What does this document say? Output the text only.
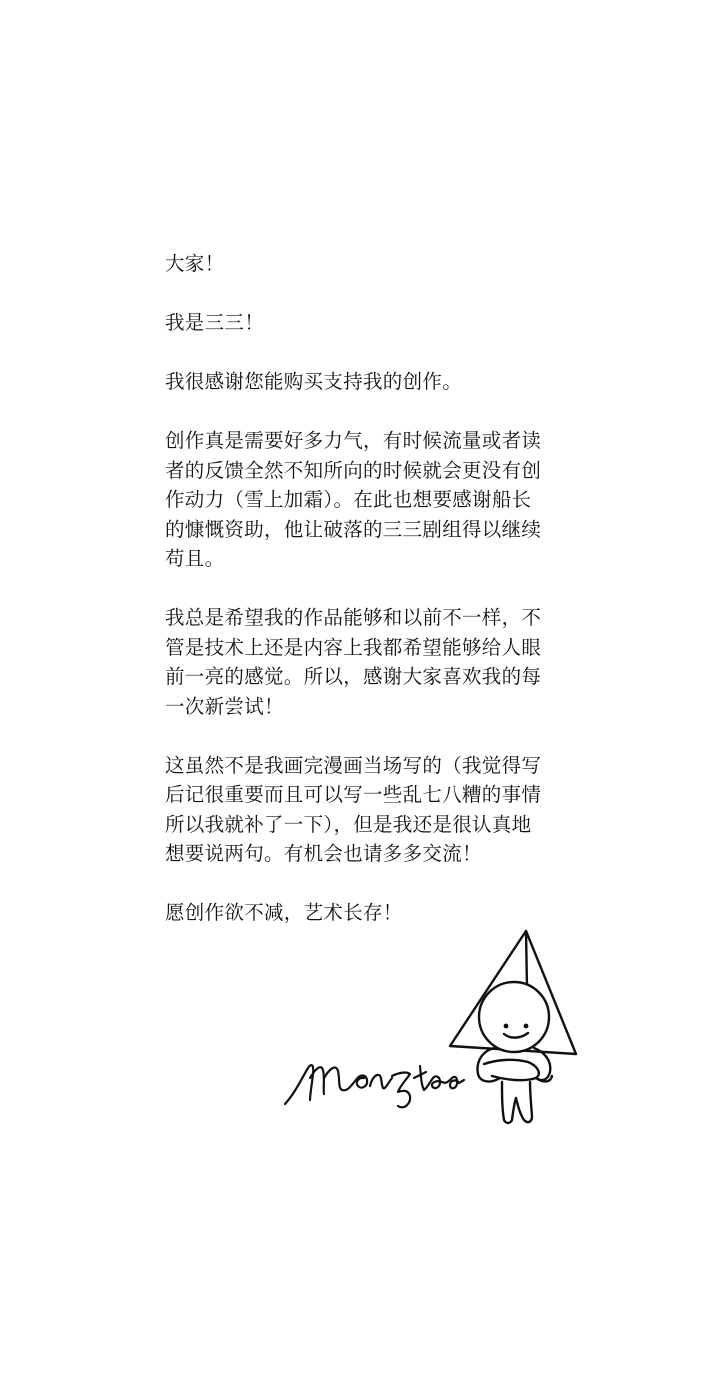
大家！

我是三三！

我很感谢您能购买支持我的创作。

创作真是需要好多力气，有时候流量或者读
者的反馈全然不知所向的时候就会更没有创
作动力（雪上加霜）。在此也想要感谢船长
的慷慨资助，他让破落的三三剧组得以继续
苟且。

我总是希望我的作品能够和以前不一样，不
管是技术上还是内容上我都希望能够给人眼
前一亮的感觉。所以，感谢大家喜欢我的每
一次新尝试！

这虽然不是我画完漫画当场写的（我觉得写
后记很重要而且可以写一些乱七八糟的事情
所以我就补了一下），但是我还是很认真地
想要说两句。有机会也请多多交流！

愿创作欲不减，艺术长存！
